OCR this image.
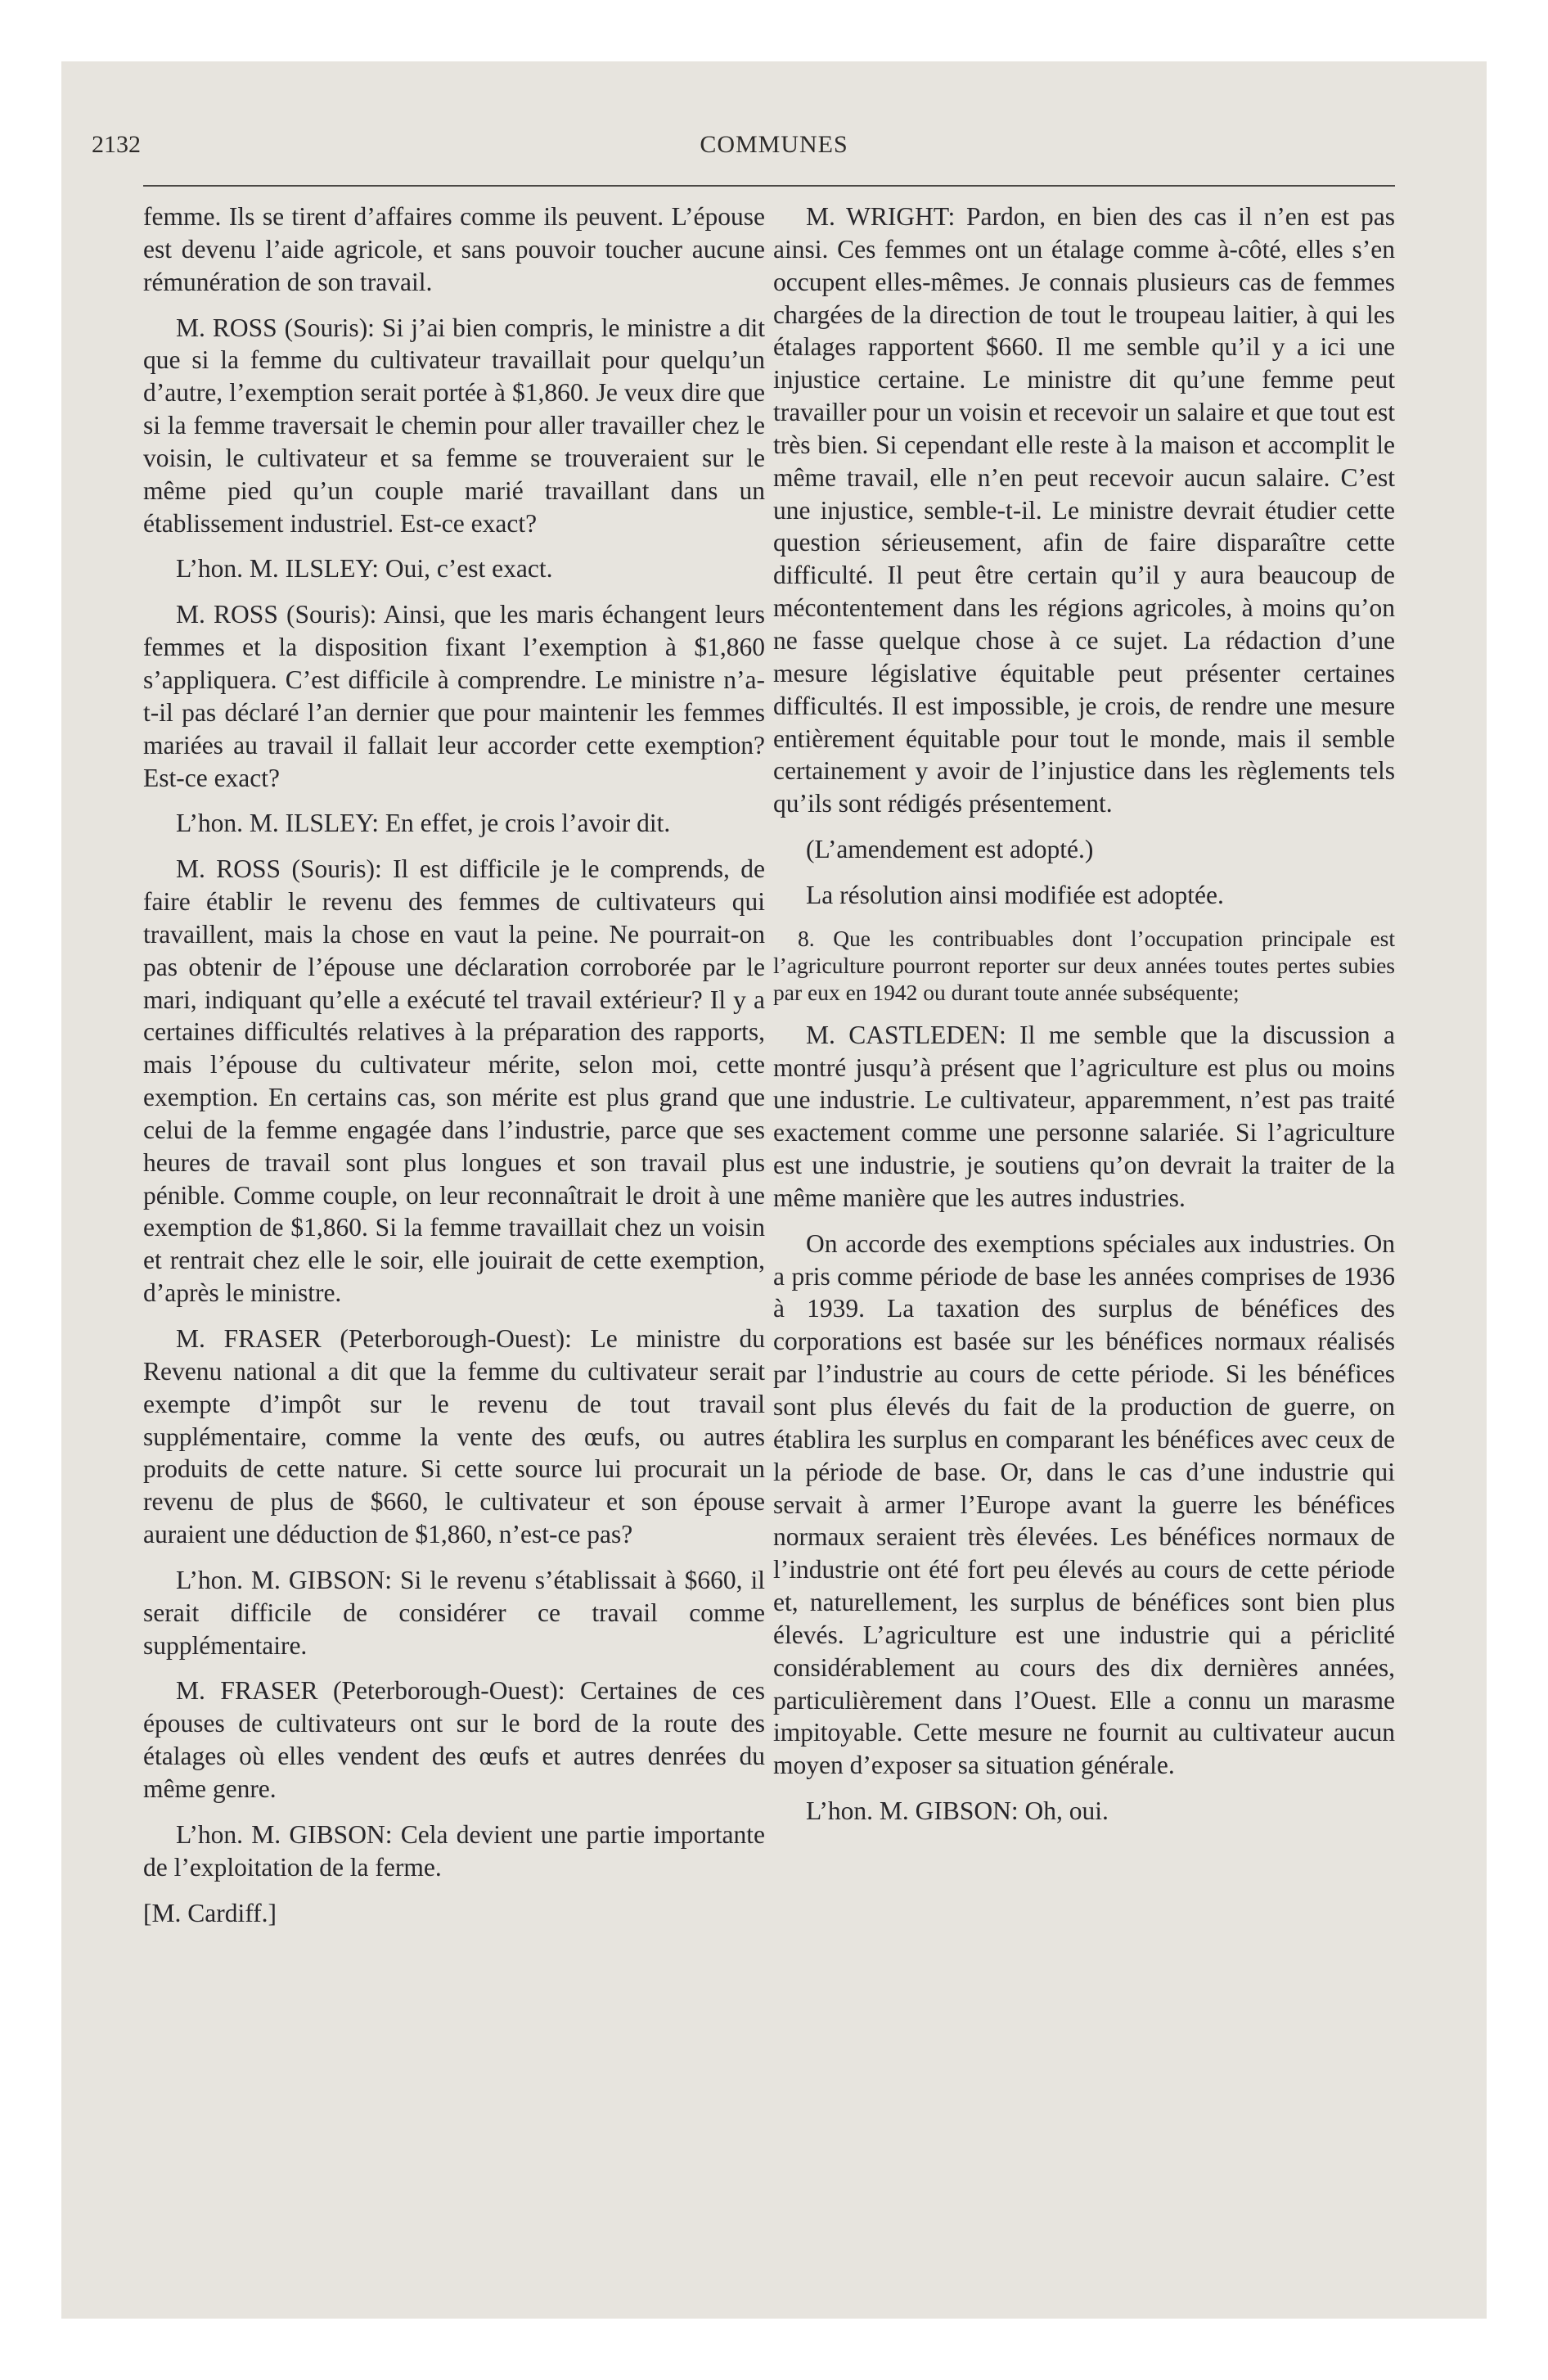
2132	COMMUNES

femme. Ils se tirent d’affaires comme ils peuvent. L’épouse est devenu l’aide agricole, et sans pouvoir toucher aucune rémunération de son travail.

M. ROSS (Souris): Si j’ai bien compris, le ministre a dit que si la femme du cultivateur travaillait pour quelqu’un d’autre, l’exemption serait portée à $1,860. Je veux dire que si la femme traversait le chemin pour aller travailler chez le voisin, le cultivateur et sa femme se trouveraient sur le même pied qu’un couple marié travaillant dans un établissement industriel. Est-ce exact?

L’hon. M. ILSLEY: Oui, c’est exact.

M. ROSS (Souris): Ainsi, que les maris échangent leurs femmes et la disposition fixant l’exemption à $1,860 s’appliquera. C’est difficile à comprendre. Le ministre n’a-t-il pas déclaré l’an dernier que pour maintenir les femmes mariées au travail il fallait leur accorder cette exemption? Est-ce exact?

L’hon. M. ILSLEY: En effet, je crois l’avoir dit.

M. ROSS (Souris): Il est difficile je le comprends, de faire établir le revenu des femmes de cultivateurs qui travaillent, mais la chose en vaut la peine. Ne pourrait-on pas obtenir de l’épouse une déclaration corroborée par le mari, indiquant qu’elle a exécuté tel travail extérieur? Il y a certaines difficultés relatives à la préparation des rapports, mais l’épouse du cultivateur mérite, selon moi, cette exemption. En certains cas, son mérite est plus grand que celui de la femme engagée dans l’industrie, parce que ses heures de travail sont plus longues et son travail plus pénible. Comme couple, on leur reconnaîtrait le droit à une exemption de $1,860. Si la femme travaillait chez un voisin et rentrait chez elle le soir, elle jouirait de cette exemption, d’après le ministre.

M. FRASER (Peterborough-Ouest): Le ministre du Revenu national a dit que la femme du cultivateur serait exempte d’impôt sur le revenu de tout travail supplémentaire, comme la vente des œufs, ou autres produits de cette nature. Si cette source lui procurait un revenu de plus de $660, le cultivateur et son épouse auraient une déduction de $1,860, n’est-ce pas?

L’hon. M. GIBSON: Si le revenu s’établissait à $660, il serait difficile de considérer ce travail comme supplémentaire.

M. FRASER (Peterborough-Ouest): Certaines de ces épouses de cultivateurs ont sur le bord de la route des étalages où elles vendent des œufs et autres denrées du même genre.

L’hon. M. GIBSON: Cela devient une partie importante de l’exploitation de la ferme.

[M. Cardiff.]

M. WRIGHT: Pardon, en bien des cas il n’en est pas ainsi. Ces femmes ont un étalage comme à-côté, elles s’en occupent elles-mêmes. Je connais plusieurs cas de femmes chargées de la direction de tout le troupeau laitier, à qui les étalages rapportent $660. Il me semble qu’il y a ici une injustice certaine. Le ministre dit qu’une femme peut travailler pour un voisin et recevoir un salaire et que tout est très bien. Si cependant elle reste à la maison et accomplit le même travail, elle n’en peut recevoir aucun salaire. C’est une injustice, semble-t-il. Le ministre devrait étudier cette question sérieusement, afin de faire disparaître cette difficulté. Il peut être certain qu’il y aura beaucoup de mécontentement dans les régions agricoles, à moins qu’on ne fasse quelque chose à ce sujet. La rédaction d’une mesure législative équitable peut présenter certaines difficultés. Il est impossible, je crois, de rendre une mesure entièrement équitable pour tout le monde, mais il semble certainement y avoir de l’injustice dans les règlements tels qu’ils sont rédigés présentement.

(L’amendement est adopté.)

La résolution ainsi modifiée est adoptée.

8. Que les contribuables dont l’occupation principale est l’agriculture pourront reporter sur deux années toutes pertes subies par eux en 1942 ou durant toute année subséquente;

M. CASTLEDEN: Il me semble que la discussion a montré jusqu’à présent que l’agriculture est plus ou moins une industrie. Le cultivateur, apparemment, n’est pas traité exactement comme une personne salariée. Si l’agriculture est une industrie, je soutiens qu’on devrait la traiter de la même manière que les autres industries.

On accorde des exemptions spéciales aux industries. On a pris comme période de base les années comprises de 1936 à 1939. La taxation des surplus de bénéfices des corporations est basée sur les bénéfices normaux réalisés par l’industrie au cours de cette période. Si les bénéfices sont plus élevés du fait de la production de guerre, on établira les surplus en comparant les bénéfices avec ceux de la période de base. Or, dans le cas d’une industrie qui servait à armer l’Europe avant la guerre les bénéfices normaux seraient très élevées. Les bénéfices normaux de l’industrie ont été fort peu élevés au cours de cette période et, naturellement, les surplus de bénéfices sont bien plus élevés. L’agriculture est une industrie qui a périclité considérablement au cours des dix dernières années, particulièrement dans l’Ouest. Elle a connu un marasme impitoyable. Cette mesure ne fournit au cultivateur aucun moyen d’exposer sa situation générale.

L’hon. M. GIBSON: Oh, oui.
